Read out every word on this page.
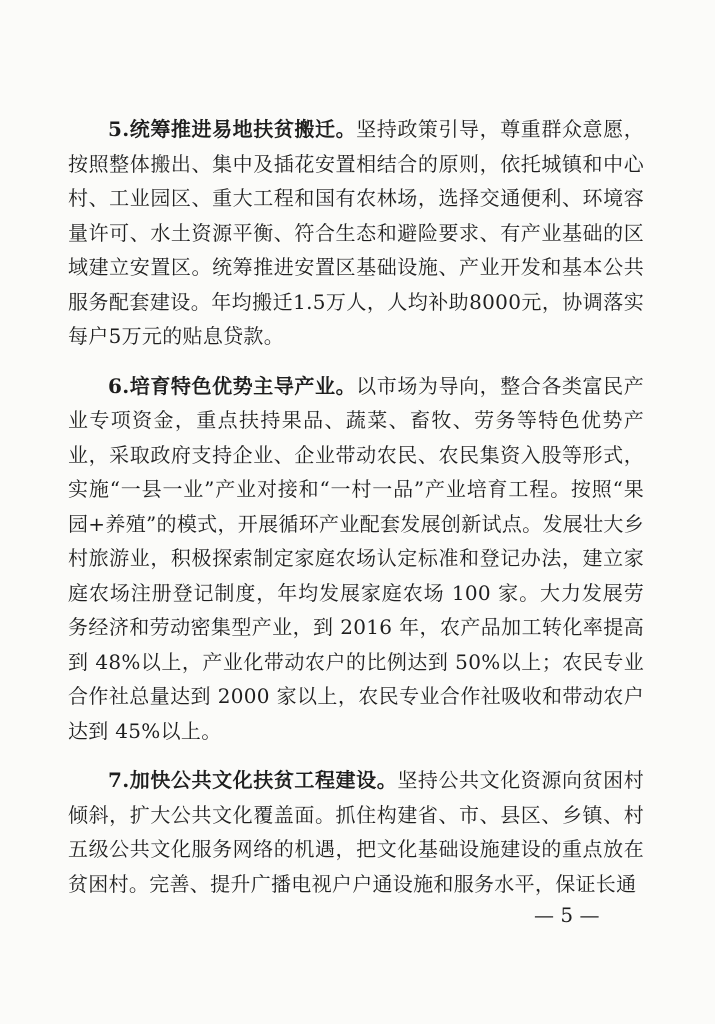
5.统筹推进易地扶贫搬迁。坚持政策引导，尊重群众意愿，按照整体搬出、集中及插花安置相结合的原则，依托城镇和中心村、工业园区、重大工程和国有农林场，选择交通便利、环境容量许可、水土资源平衡、符合生态和避险要求、有产业基础的区域建立安置区。统筹推进安置区基础设施、产业开发和基本公共服务配套建设。年均搬迁1.5万人，人均补助8000元，协调落实每户5万元的贴息贷款。

6.培育特色优势主导产业。以市场为导向，整合各类富民产业专项资金，重点扶持果品、蔬菜、畜牧、劳务等特色优势产业，采取政府支持企业、企业带动农民、农民集资入股等形式，实施“一县一业”产业对接和“一村一品”产业培育工程。按照“果园+养殖”的模式，开展循环产业配套发展创新试点。发展壮大乡村旅游业，积极探索制定家庭农场认定标准和登记办法，建立家庭农场注册登记制度，年均发展家庭农场 100 家。大力发展劳务经济和劳动密集型产业，到 2016 年，农产品加工转化率提高到 48%以上，产业化带动农户的比例达到 50%以上；农民专业合作社总量达到 2000 家以上，农民专业合作社吸收和带动农户达到 45%以上。

7.加快公共文化扶贫工程建设。坚持公共文化资源向贫困村倾斜，扩大公共文化覆盖面。抓住构建省、市、县区、乡镇、村五级公共文化服务网络的机遇，把文化基础设施建设的重点放在贫困村。完善、提升广播电视户户通设施和服务水平，保证长通

— 5 —
